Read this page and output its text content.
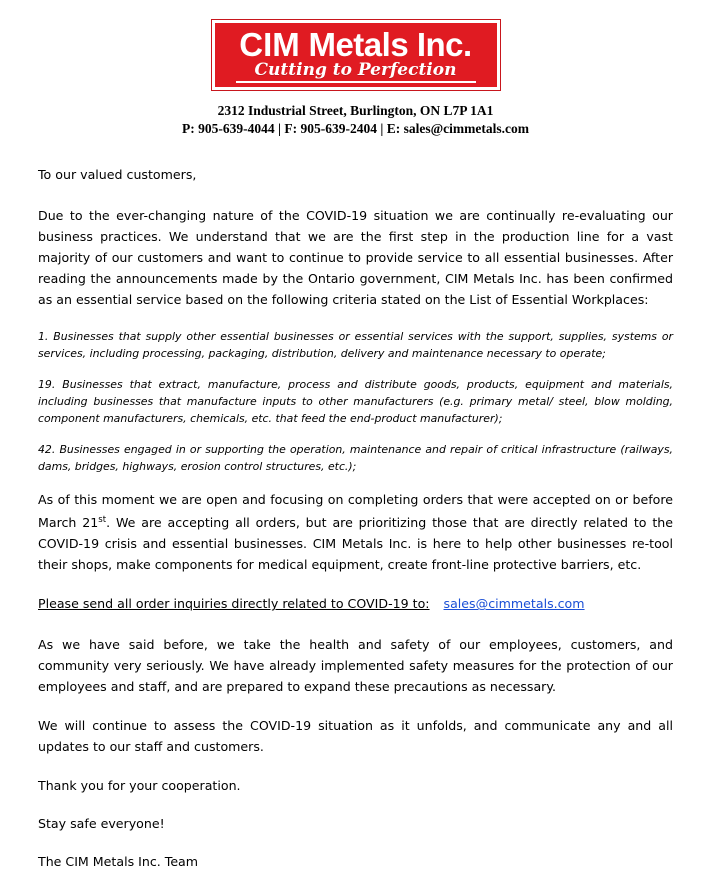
CIM Metals Inc.
Cutting to Perfection
2312 Industrial Street, Burlington, ON L7P 1A1
P: 905-639-4044 | F: 905-639-2404 | E: sales@cimmetals.com

To our valued customers,

Due to the ever-changing nature of the COVID-19 situation we are continually re-evaluating our business practices. We understand that we are the first step in the production line for a vast majority of our customers and want to continue to provide service to all essential businesses. After reading the announcements made by the Ontario government, CIM Metals Inc. has been confirmed as an essential service based on the following criteria stated on the List of Essential Workplaces:

1. Businesses that supply other essential businesses or essential services with the support, supplies, systems or services, including processing, packaging, distribution, delivery and maintenance necessary to operate;

19. Businesses that extract, manufacture, process and distribute goods, products, equipment and materials, including businesses that manufacture inputs to other manufacturers (e.g. primary metal/ steel, blow molding, component manufacturers, chemicals, etc. that feed the end-product manufacturer);

42. Businesses engaged in or supporting the operation, maintenance and repair of critical infrastructure (railways, dams, bridges, highways, erosion control structures, etc.);

As of this moment we are open and focusing on completing orders that were accepted on or before March 21st. We are accepting all orders, but are prioritizing those that are directly related to the COVID-19 crisis and essential businesses. CIM Metals Inc. is here to help other businesses re-tool their shops, make components for medical equipment, create front-line protective barriers, etc.

Please send all order inquiries directly related to COVID-19 to: sales@cimmetals.com

As we have said before, we take the health and safety of our employees, customers, and community very seriously. We have already implemented safety measures for the protection of our employees and staff, and are prepared to expand these precautions as necessary.

We will continue to assess the COVID-19 situation as it unfolds, and communicate any and all updates to our staff and customers.

Thank you for your cooperation.

Stay safe everyone!

The CIM Metals Inc. Team
